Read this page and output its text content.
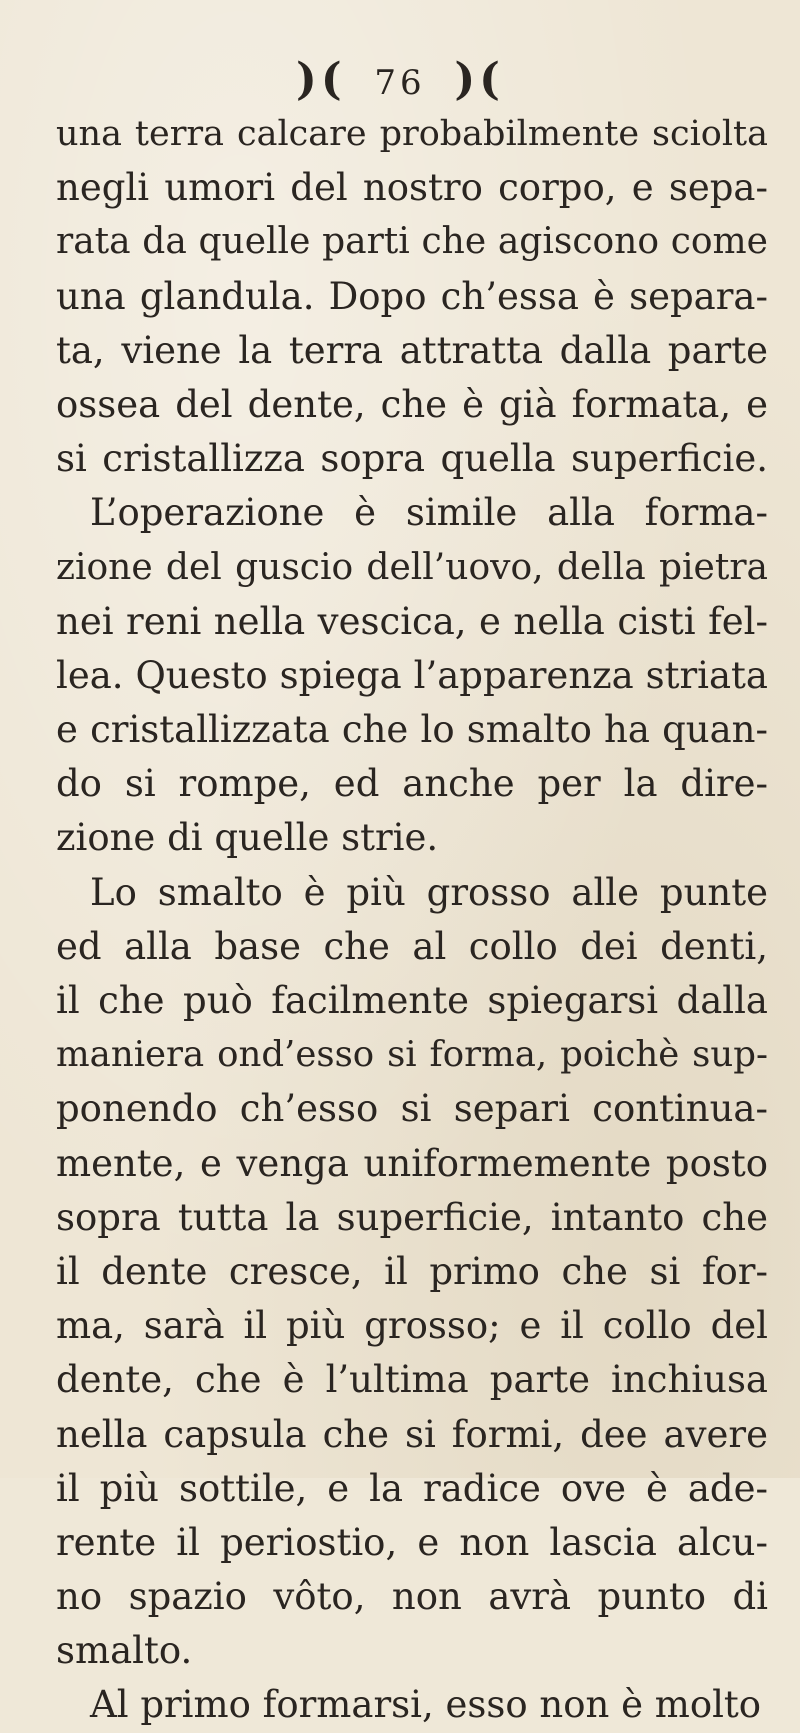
)( 76 )(
una terra calcare probabilmente sciolta
negli umori del nostro corpo, e sepa-
rata da quelle parti che agiscono come
una glandula. Dopo ch’essa è separa-
ta, viene la terra attratta dalla parte
ossea del dente, che è già formata, e
si cristallizza sopra quella superficie.
L’operazione è simile alla forma-
zione del guscio dell’uovo, della pietra
nei reni nella vescica, e nella cisti fel-
lea. Questo spiega l’apparenza striata
e cristallizzata che lo smalto ha quan-
do si rompe, ed anche per la dire-
zione di quelle strie.
Lo smalto è più grosso alle punte
ed alla base che al collo dei denti,
il che può facilmente spiegarsi dalla
maniera ond’esso si forma, poichè sup-
ponendo ch’esso si separi continua-
mente, e venga uniformemente posto
sopra tutta la superficie, intanto che
il dente cresce, il primo che si for-
ma, sarà il più grosso; e il collo del
dente, che è l’ultima parte inchiusa
nella capsula che si formi, dee avere
il più sottile, e la radice ove è ade-
rente il periostio, e non lascia alcu-
no spazio vôto, non avrà punto di
smalto.
Al primo formarsi, esso non è molto
